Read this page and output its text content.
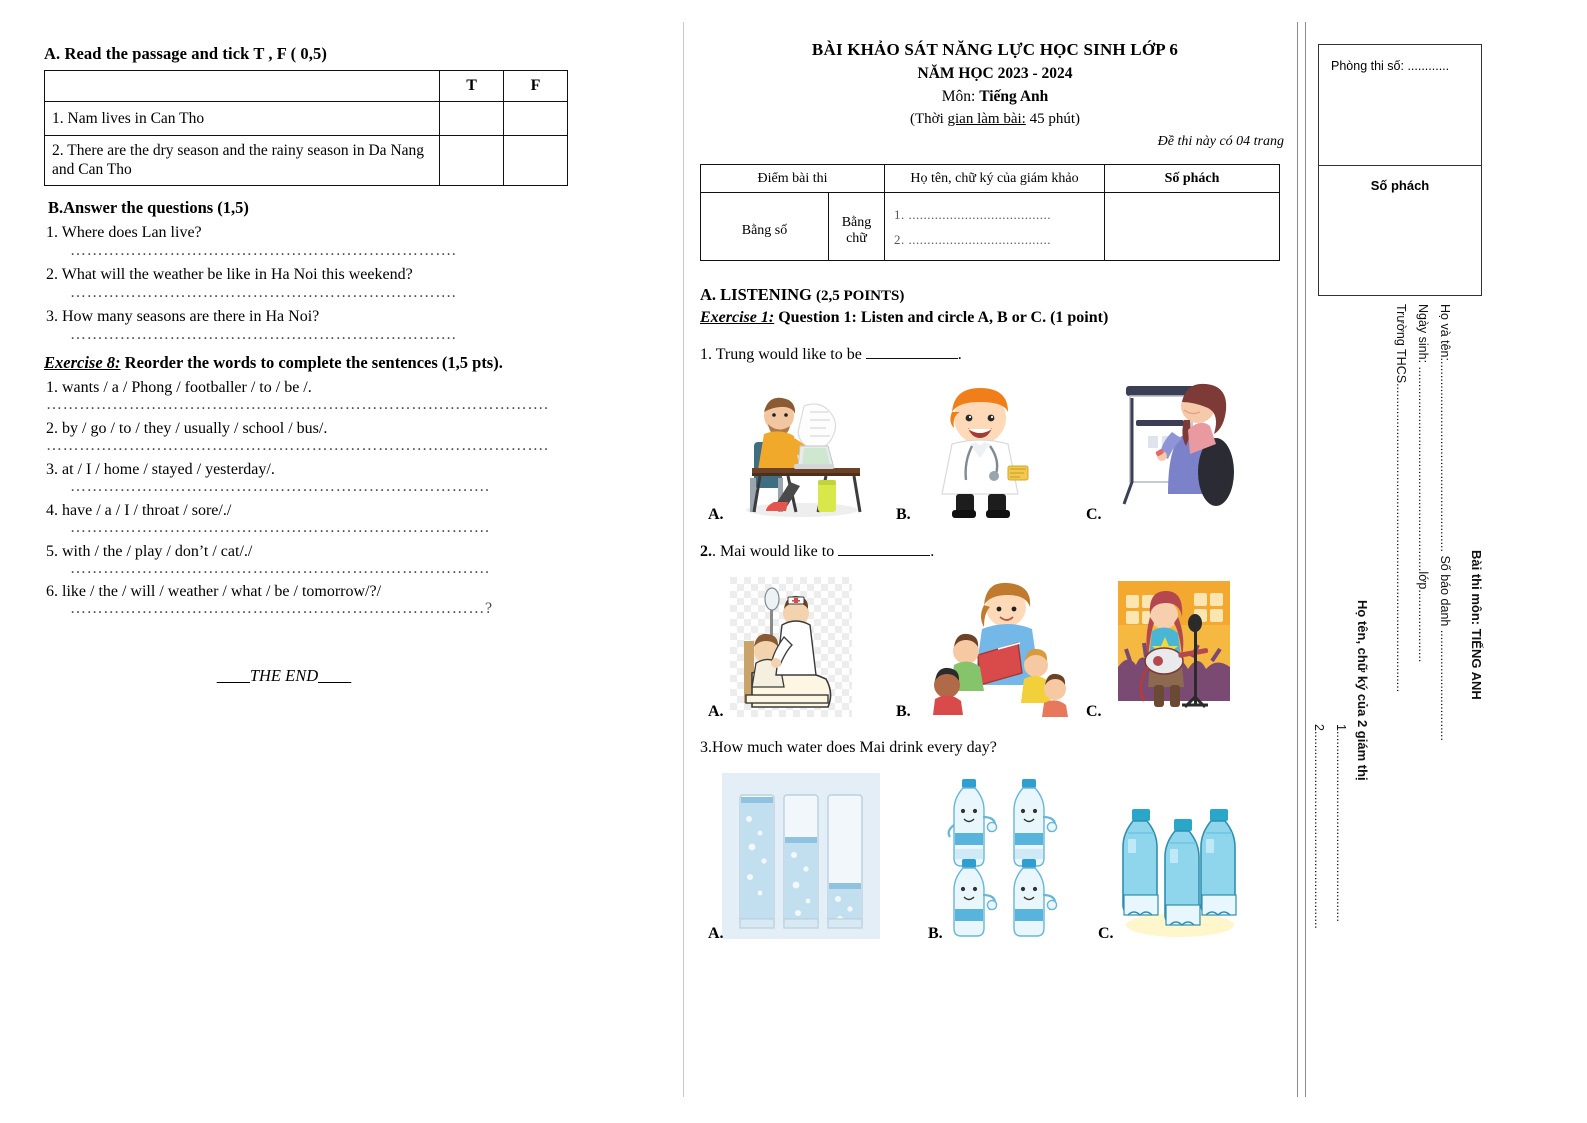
A. Read the passage and tick T , F ( 0,5)
	T	F
1. Nam lives in Can Tho		
2. There are the dry season and the rainy season in Da Nang and Can Tho		
B.Answer the questions (1,5)
1. Where does Lan live?
…………………………………………………………….
2. What will the weather be like in Ha Noi this weekend?
…………………………………………………………….
3. How many seasons are there in Ha Noi?
…………………………………………………………….
Exercise 8: Reorder the words to complete the sentences (1,5 pts).
1. wants / a / Phong / footballer / to / be /.
……………………………………………………………………………….
2. by / go / to / they / usually / school / bus/.
……………………………………………………………………………….
3. at / I / home / stayed / yesterday/.
………………………………………………………………….
4. have / a / I / throat / sore/./
………………………………………………………………….
5. with / the / play / don’t / cat/./
………………………………………………………………….
6. like / the / will / weather / what / be / tomorrow/?/
…………………………………………………………………?
____THE END____
BÀI KHẢO SÁT NĂNG LỰC HỌC SINH LỚP 6
NĂM HỌC 2023 - 2024
Môn: Tiếng Anh
(Thời gian làm bài: 45 phút)
Đề thi này có 04 trang
Điểm bài thi		Họ tên, chữ ký của giám khảo	Số phách
Bằng số	Bằng chữ	1. ......................................
2. ......................................	

A. LISTENING (2,5 POINTS)
Exercise 1: Question 1: Listen and circle A, B or C. (1 point)
1. Trung would like to be	.
A.	B.	C.
2.. Mai would like to	.
A.	B.	C.
3.How much water does Mai drink every day?
A.	B.	C.
Phòng thi số: ............
Số phách
Họ và tên:....................................................... Số báo danh ................................
Ngày sinh: ...........................................................lớp.....................
Trường THCS.........................................................................................	Bài thi môn: TIẾNG ANH
Họ tên, chữ ký của 2 giám thị
1.......................................................
2.........................................................
